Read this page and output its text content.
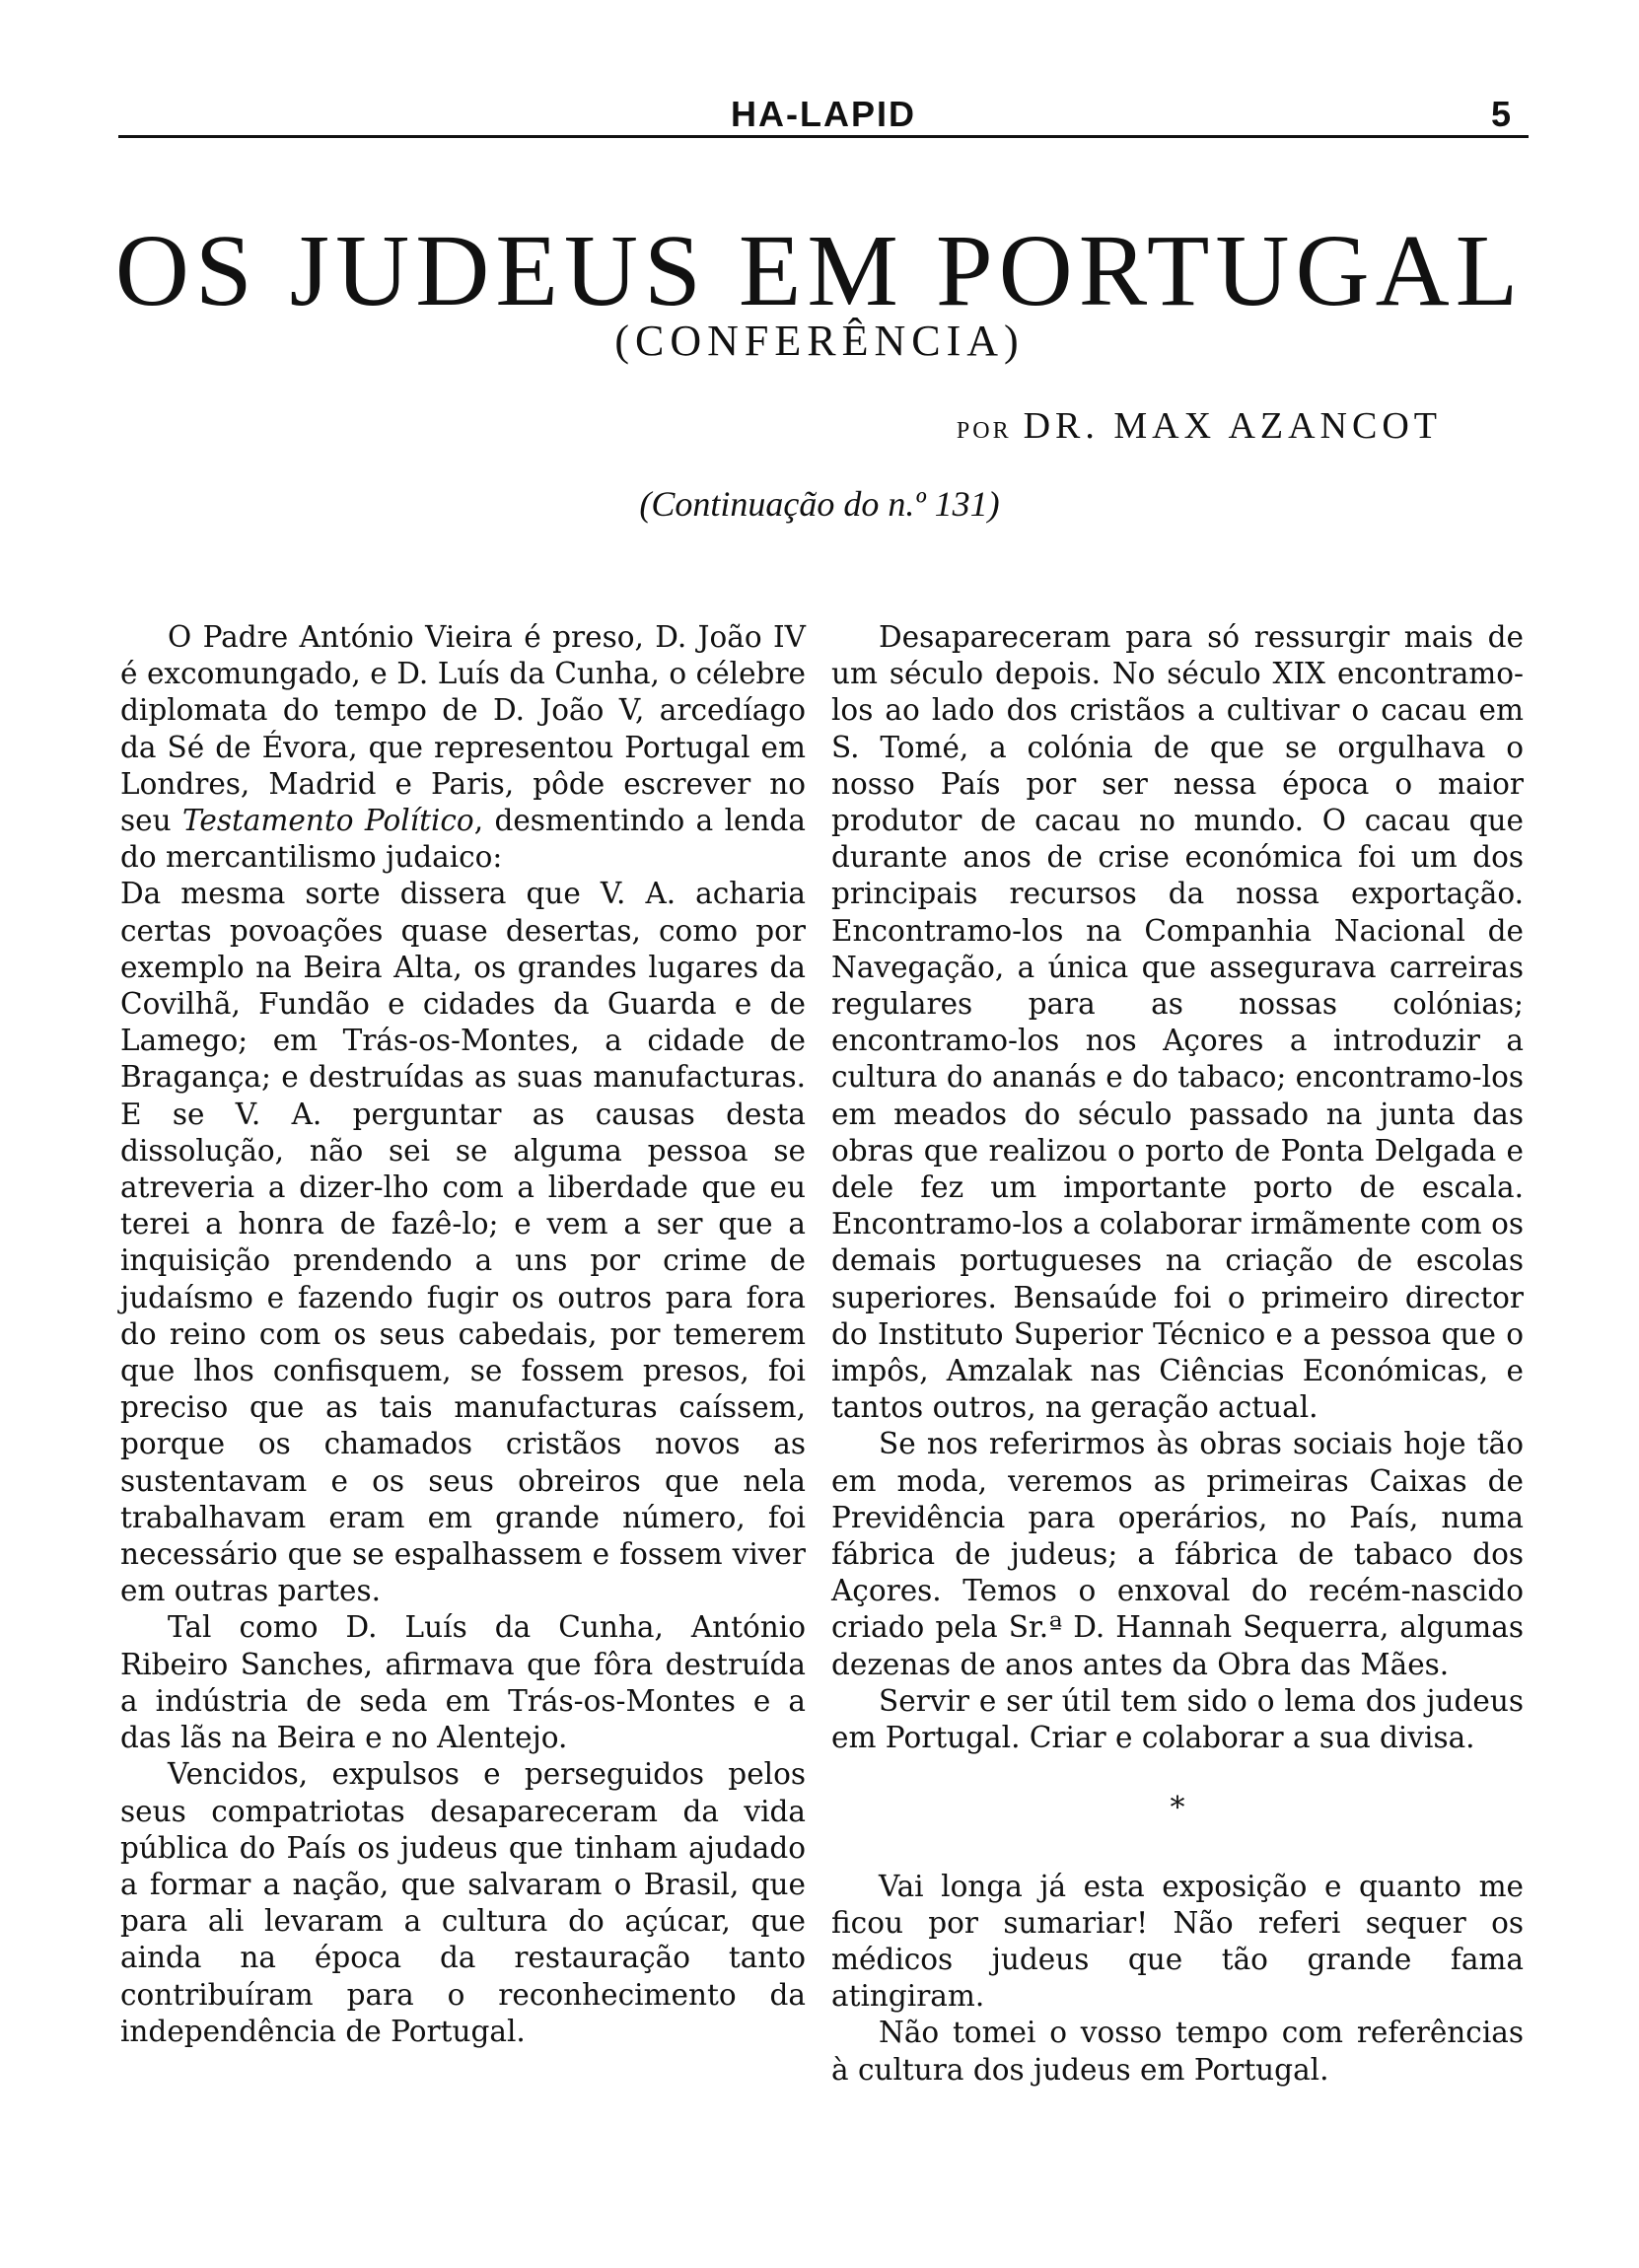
HA-LAPID	5
OS JUDEUS EM PORTUGAL
(CONFERÊNCIA)
POR DR. MAX AZANCOT
(Continuação do n.º 131)

O Padre António Vieira é preso, D. João IV é excomungado, e D. Luís da Cunha, o célebre diplomata do tempo de D. João V, arcedíago da Sé de Évora, que representou Portugal em Londres, Madrid e Paris, pôde escrever no seu Testamento Político, desmentindo a lenda do mercantilismo judaico:

Da mesma sorte dissera que V. A. acharia certas povoações quase desertas, como por exemplo na Beira Alta, os grandes lugares da Covilhã, Fundão e cidades da Guarda e de Lamego; em Trás-os-Montes, a cidade de Bragança; e destruídas as suas manufacturas. E se V. A. perguntar as causas desta dissolução, não sei se alguma pessoa se atreveria a dizer-lho com a liberdade que eu terei a honra de fazê-lo; e vem a ser que a inquisição prendendo a uns por crime de judaísmo e fazendo fugir os outros para fora do reino com os seus cabedais, por temerem que lhos confisquem, se fossem presos, foi preciso que as tais manufacturas caíssem, porque os chamados cristãos novos as sustentavam e os seus obreiros que nela trabalhavam eram em grande número, foi necessário que se espalhassem e fossem viver em outras partes.

Tal como D. Luís da Cunha, António Ribeiro Sanches, afirmava que fôra destruída a indústria de seda em Trás-os-Montes e a das lãs na Beira e no Alentejo.

Vencidos, expulsos e perseguidos pelos seus compatriotas desapareceram da vida pública do País os judeus que tinham ajudado a formar a nação, que salvaram o Brasil, que para ali levaram a cultura do açúcar, que ainda na época da restauração tanto contribuíram para o reconhecimento da independência de Portugal.

Desapareceram para só ressurgir mais de um século depois. No século XIX encontramo-los ao lado dos cristãos a cultivar o cacau em S. Tomé, a colónia de que se orgulhava o nosso País por ser nessa época o maior produtor de cacau no mundo. O cacau que durante anos de crise económica foi um dos principais recursos da nossa exportação. Encontramo-los na Companhia Nacional de Navegação, a única que assegurava carreiras regulares para as nossas colónias; encontramo-los nos Açores a introduzir a cultura do ananás e do tabaco; encontramo-los em meados do século passado na junta das obras que realizou o porto de Ponta Delgada e dele fez um importante porto de escala. Encontramo-los a colaborar irmãmente com os demais portugueses na criação de escolas superiores. Bensaúde foi o primeiro director do Instituto Superior Técnico e a pessoa que o impôs, Amzalak nas Ciências Económicas, e tantos outros, na geração actual.

Se nos referirmos às obras sociais hoje tão em moda, veremos as primeiras Caixas de Previdência para operários, no País, numa fábrica de judeus; a fábrica de tabaco dos Açores. Temos o enxoval do recém-nascido criado pela Sr.ª D. Hannah Sequerra, algumas dezenas de anos antes da Obra das Mães.

Servir e ser útil tem sido o lema dos judeus em Portugal. Criar e colaborar a sua divisa.

*

Vai longa já esta exposição e quanto me ficou por sumariar! Não referi sequer os médicos judeus que tão grande fama atingiram.

Não tomei o vosso tempo com referências à cultura dos judeus em Portugal.
